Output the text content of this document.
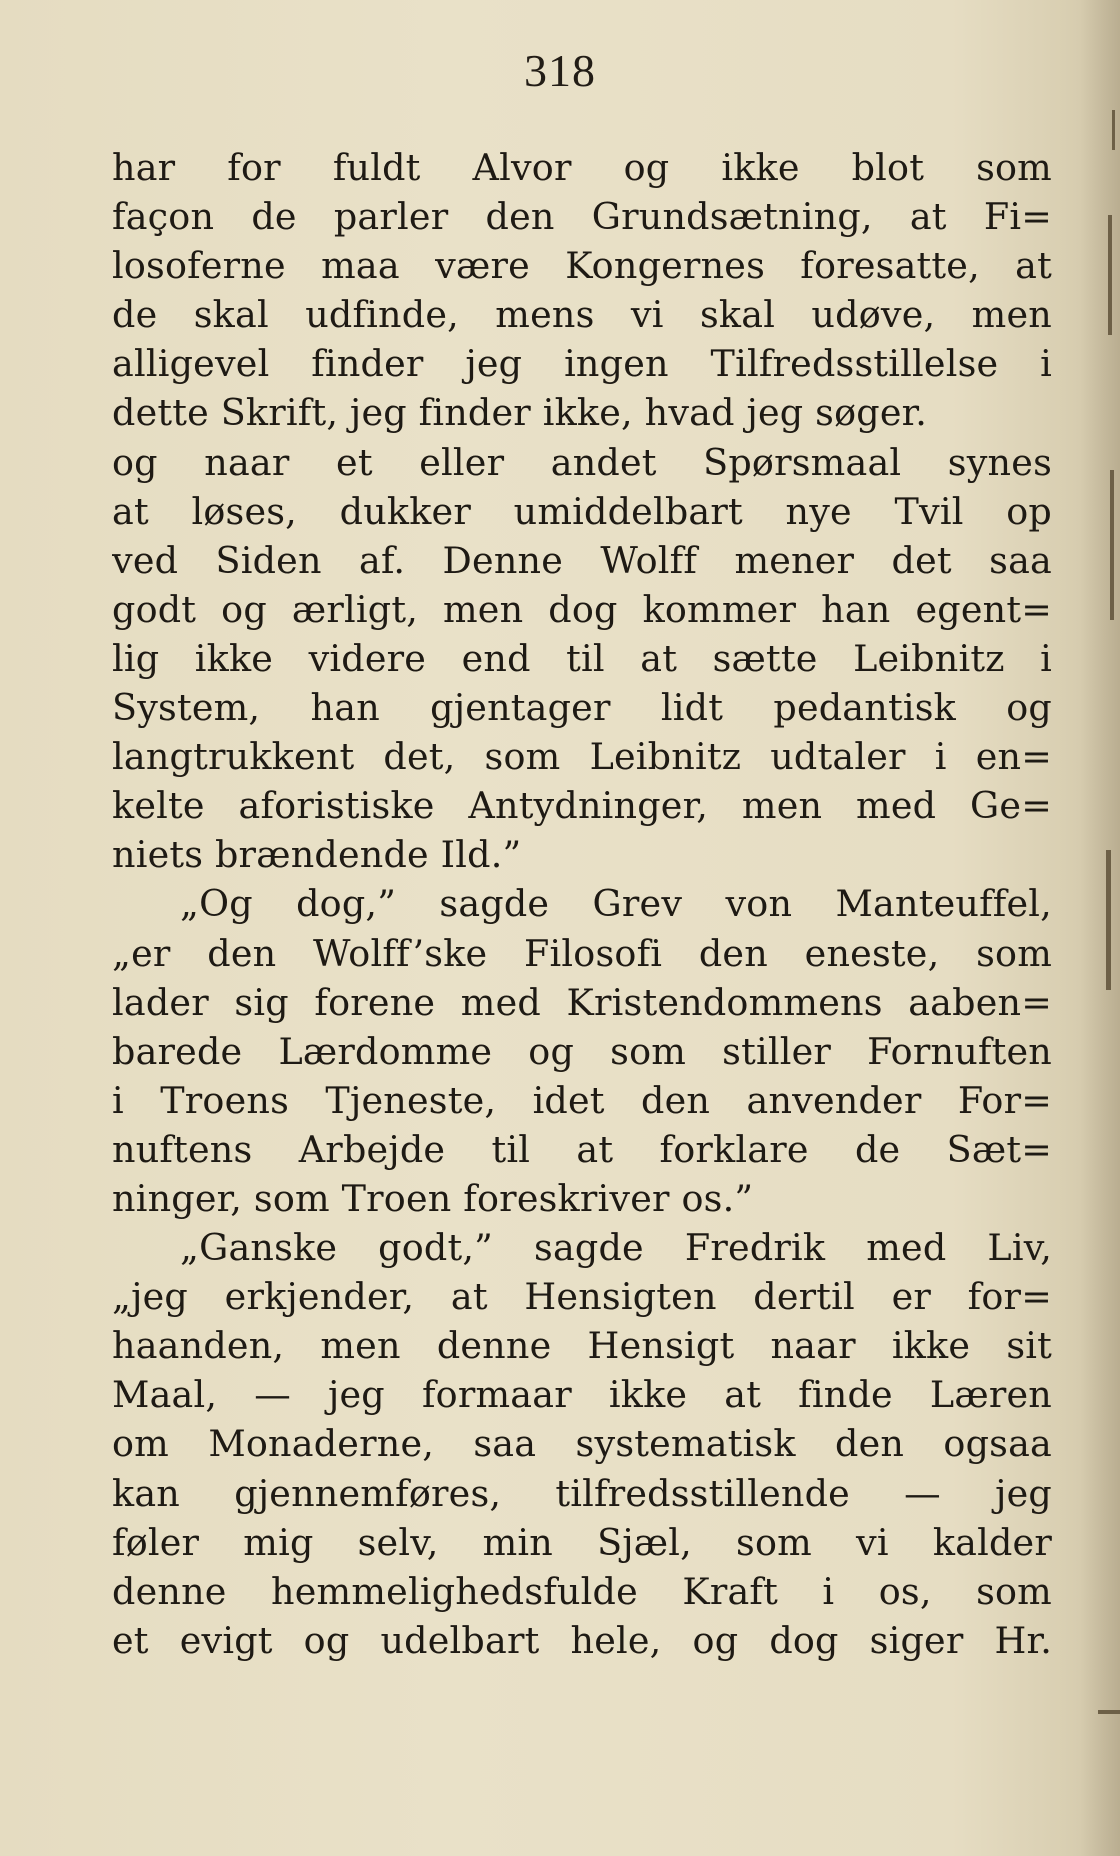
318
har for fuldt Alvor og ikke blot som
façon de parler den Grundsætning, at Fi=
losoferne maa være Kongernes foresatte, at
de skal udfinde, mens vi skal udøve, men
alligevel finder jeg ingen Tilfredsstillelse i
dette Skrift, jeg finder ikke, hvad jeg søger.
og naar et eller andet Spørsmaal synes
at løses, dukker umiddelbart nye Tvil op
ved Siden af. Denne Wolff mener det saa
godt og ærligt, men dog kommer han egent=
lig ikke videre end til at sætte Leibnitz i
System, han gjentager lidt pedantisk og
langtrukkent det, som Leibnitz udtaler i en=
kelte aforistiske Antydninger, men med Ge=
niets brændende Ild.”
„Og dog,” sagde Grev von Manteuffel,
„er den Wolff’ske Filosofi den eneste, som
lader sig forene med Kristendommens aaben=
barede Lærdomme og som stiller Fornuften
i Troens Tjeneste, idet den anvender For=
nuftens Arbejde til at forklare de Sæt=
ninger, som Troen foreskriver os.”
„Ganske godt,” sagde Fredrik med Liv,
„jeg erkjender, at Hensigten dertil er for=
haanden, men denne Hensigt naar ikke sit
Maal, — jeg formaar ikke at finde Læren
om Monaderne, saa systematisk den ogsaa
kan gjennemføres, tilfredsstillende — jeg
føler mig selv, min Sjæl, som vi kalder
denne hemmelighedsfulde Kraft i os, som
et evigt og udelbart hele, og dog siger Hr.
